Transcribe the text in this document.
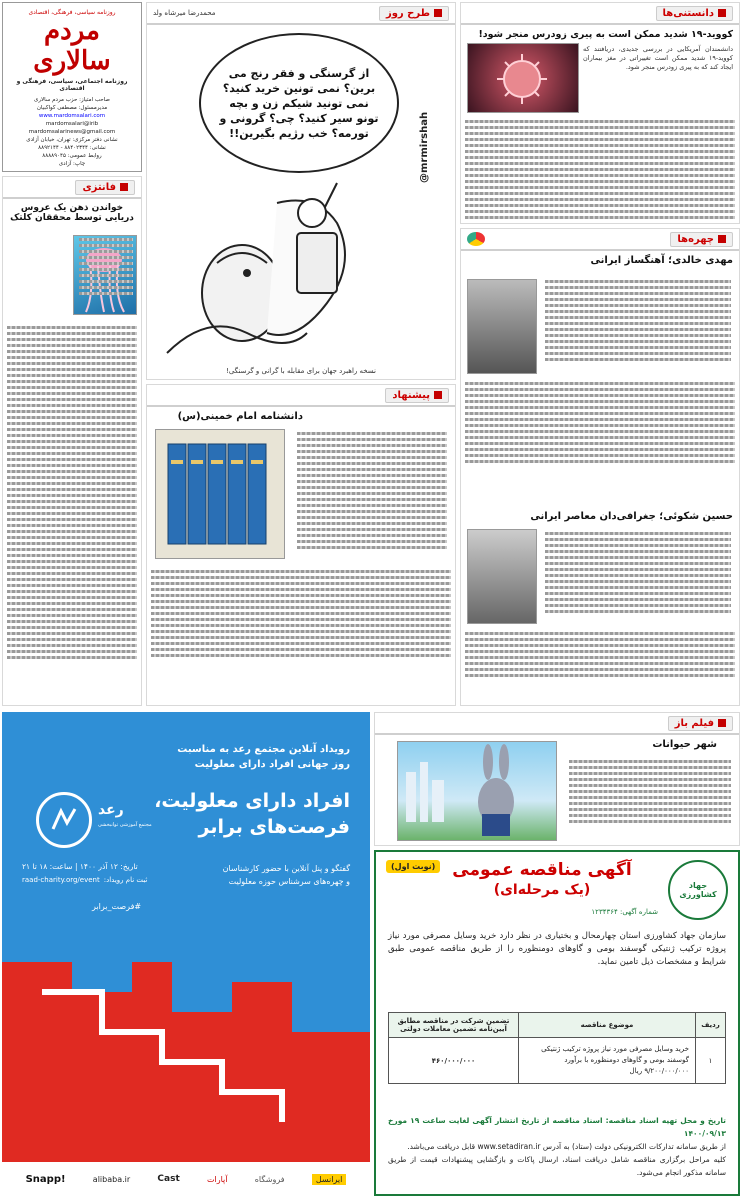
روزنامه سیاسی، فرهنگی، اقتصادی
مردم سالاری
روزنامه اجتماعی، سیاسی، فرهنگی و اقتصادی
صاحب امتیاز: حزب مردم سالاری
مدیرمسئول: مصطفی کواکبیان
www.mardomsalari.com
mardomsalari@irib
mardomsalarinews@gmail.com
نشانی دفتر مرکزی: تهران، خیابان آزادی
نشانی: ۸۸۴۰۲۳۴۴ - ۸۸۹۲۱۴۴
روابط عمومی: ۸۸۸۸۹۰۴۵
چاپ: آزادی
فانتزی
خواندن ذهن یک عروس دریایی توسط محققان کلتک
طرح روز
محمدرضا میرشاه ولد
از گرسنگی و فقر رنج می برین؟ نمی تونین خرید کنید؟ نمی تونید شیکم زن و بچه تونو سیر کنید؟ چی؟ گرونی و تورمه؟ خب رژیم بگیرین!!	@mrmirshah
نسخه راهبرد جهان برای مقابله با گرانی و گرسنگی!
دانستنی‌ها
کووید-۱۹ شدید ممکن است به پیری زودرس منجر شود!
دانشمندان آمریکایی در بررسی جدیدی، دریافتند که کووید-۱۹ شدید ممکن است تغییراتی در مغز بیماران ایجاد کند که به پیری زودرس منجر شود.
چهره‌ها
مهدی خالدی؛ آهنگساز ایرانی
حسین شکوئی؛ جغرافی‌دان معاصر ایرانی
پیشنهاد
دانشنامه امام خمینی(س)
رویداد آنلاین مجتمع رعد به مناسبت
روز جهانی افراد دارای معلولیت
افراد دارای معلولیت،
فرصت‌های برابر
رعد
مجتمع آموزشی توانبخشی
گفتگو و پنل آنلاین با حضور کارشناسان
و چهره‌های سرشناس حوزه معلولیت
تاریخ: ۱۲ آذر ۱۴۰۰ | ساعت: ۱۸ تا ۲۱
ثبت نام رویداد:
raad-charity.org/event
#فرصت_برابر
Snapp!	alibaba.ir	Cast	آپارات	فروشگاه	ایرانسل
فیلم باز
شهر حیوانات
(نوبت اول)	آگهی مناقصه عمومی
(یک مرحله‌ای)	جهاد کشاورزی
شماره آگهی: ۱۲۳۴۳۶۴
سازمان جهاد کشاورزی استان چهارمحال و بختیاری در نظر دارد خرید وسایل مصرفی مورد نیاز پروژه ترکیب ژنتیکی گوسفند بومی و گاوهای دومنظوره را از طریق مناقصه عمومی طبق شرایط و مشخصات ذیل تامین نماید.
ردیف	موضوع مناقصه	تضمین شرکت در مناقصه مطابق آیین‌نامه تضمین معاملات دولتی
۱	خرید وسایل مصرفی مورد نیاز پروژه ترکیب ژنتیکی گوسفند بومی و گاوهای دومنظوره با برآورد ۹/۲۰۰/۰۰۰/۰۰۰ ریال	۴۶۰/۰۰۰/۰۰۰
تاریخ و محل تهیه اسناد مناقصه: اسناد مناقصه از تاریخ انتشار آگهی لغایت ساعت ۱۹ مورخ ۱۴۰۰/۰۹/۱۳
از طریق سامانه تدارکات الکترونیکی دولت (ستاد) به آدرس www.setadiran.ir قابل دریافت می‌باشد.
کلیه مراحل برگزاری مناقصه شامل دریافت اسناد، ارسال پاکات و بازگشایی پیشنهادات قیمت از طریق سامانه مذکور انجام می‌شود.
